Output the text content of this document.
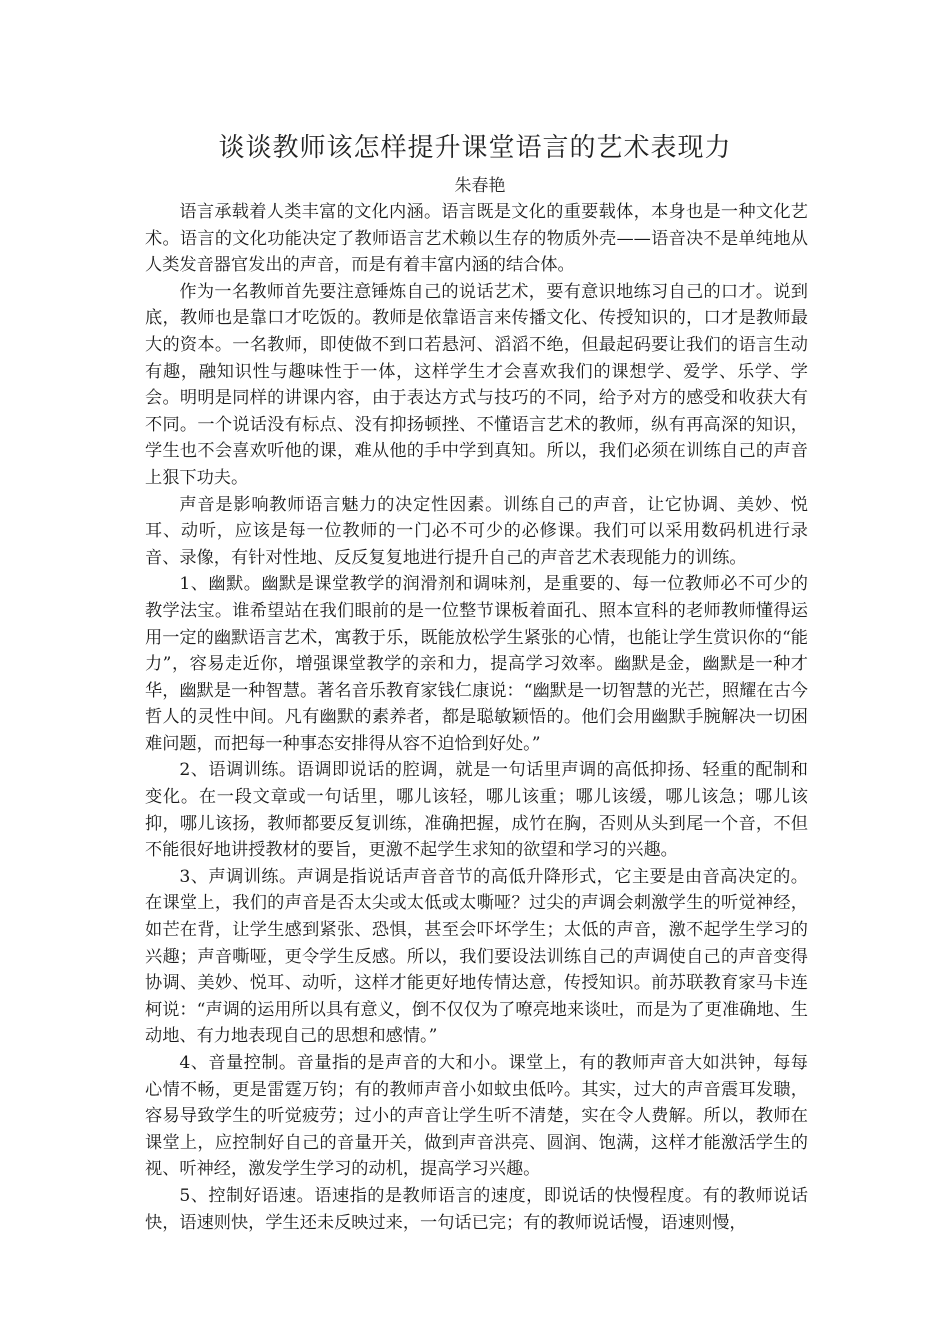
谈谈教师该怎样提升课堂语言的艺术表现力
朱春艳

语言承载着人类丰富的文化内涵。语言既是文化的重要载体，本身也是一种文化艺术。语言的文化功能决定了教师语言艺术赖以生存的物质外壳——语音决不是单纯地从人类发音器官发出的声音，而是有着丰富内涵的结合体。

作为一名教师首先要注意锤炼自己的说话艺术，要有意识地练习自己的口才。说到底，教师也是靠口才吃饭的。教师是依靠语言来传播文化、传授知识的，口才是教师最大的资本。一名教师，即使做不到口若悬河、滔滔不绝，但最起码要让我们的语言生动有趣，融知识性与趣味性于一体，这样学生才会喜欢我们的课想学、爱学、乐学、学会。明明是同样的讲课内容，由于表达方式与技巧的不同，给予对方的感受和收获大有不同。一个说话没有标点、没有抑扬顿挫、不懂语言艺术的教师，纵有再高深的知识，学生也不会喜欢听他的课，难从他的手中学到真知。所以，我们必须在训练自己的声音上狠下功夫。

声音是影响教师语言魅力的决定性因素。训练自己的声音，让它协调、美妙、悦耳、动听，应该是每一位教师的一门必不可少的必修课。我们可以采用数码机进行录音、录像，有针对性地、反反复复地进行提升自己的声音艺术表现能力的训练。

1、幽默。幽默是课堂教学的润滑剂和调味剂，是重要的、每一位教师必不可少的教学法宝。谁希望站在我们眼前的是一位整节课板着面孔、照本宣科的老师教师懂得运用一定的幽默语言艺术，寓教于乐，既能放松学生紧张的心情，也能让学生赏识你的“能力”，容易走近你，增强课堂教学的亲和力，提高学习效率。幽默是金，幽默是一种才华，幽默是一种智慧。著名音乐教育家钱仁康说：“幽默是一切智慧的光芒，照耀在古今哲人的灵性中间。凡有幽默的素养者，都是聪敏颖悟的。他们会用幽默手腕解决一切困难问题，而把每一种事态安排得从容不迫恰到好处。”

2、语调训练。语调即说话的腔调，就是一句话里声调的高低抑扬、轻重的配制和变化。在一段文章或一句话里，哪儿该轻，哪儿该重；哪儿该缓，哪儿该急；哪儿该抑，哪儿该扬，教师都要反复训练，准确把握，成竹在胸，否则从头到尾一个音，不但不能很好地讲授教材的要旨，更激不起学生求知的欲望和学习的兴趣。

3、声调训练。声调是指说话声音音节的高低升降形式，它主要是由音高决定的。在课堂上，我们的声音是否太尖或太低或太嘶哑？过尖的声调会刺激学生的听觉神经，如芒在背，让学生感到紧张、恐惧，甚至会吓坏学生；太低的声音，激不起学生学习的兴趣；声音嘶哑，更令学生反感。所以，我们要设法训练自己的声调使自己的声音变得协调、美妙、悦耳、动听，这样才能更好地传情达意，传授知识。前苏联教育家马卡连柯说：“声调的运用所以具有意义，倒不仅仅为了嘹亮地来谈吐，而是为了更准确地、生动地、有力地表现自己的思想和感情。”

4、音量控制。音量指的是声音的大和小。课堂上，有的教师声音大如洪钟，每每心情不畅，更是雷霆万钧；有的教师声音小如蚊虫低吟。其实，过大的声音震耳发聩，容易导致学生的听觉疲劳；过小的声音让学生听不清楚，实在令人费解。所以，教师在课堂上，应控制好自己的音量开关，做到声音洪亮、圆润、饱满，这样才能激活学生的视、听神经，激发学生学习的动机，提高学习兴趣。

5、控制好语速。语速指的是教师语言的速度，即说话的快慢程度。有的教师说话快，语速则快，学生还未反映过来，一句话已完；有的教师说话慢，语速则慢，
